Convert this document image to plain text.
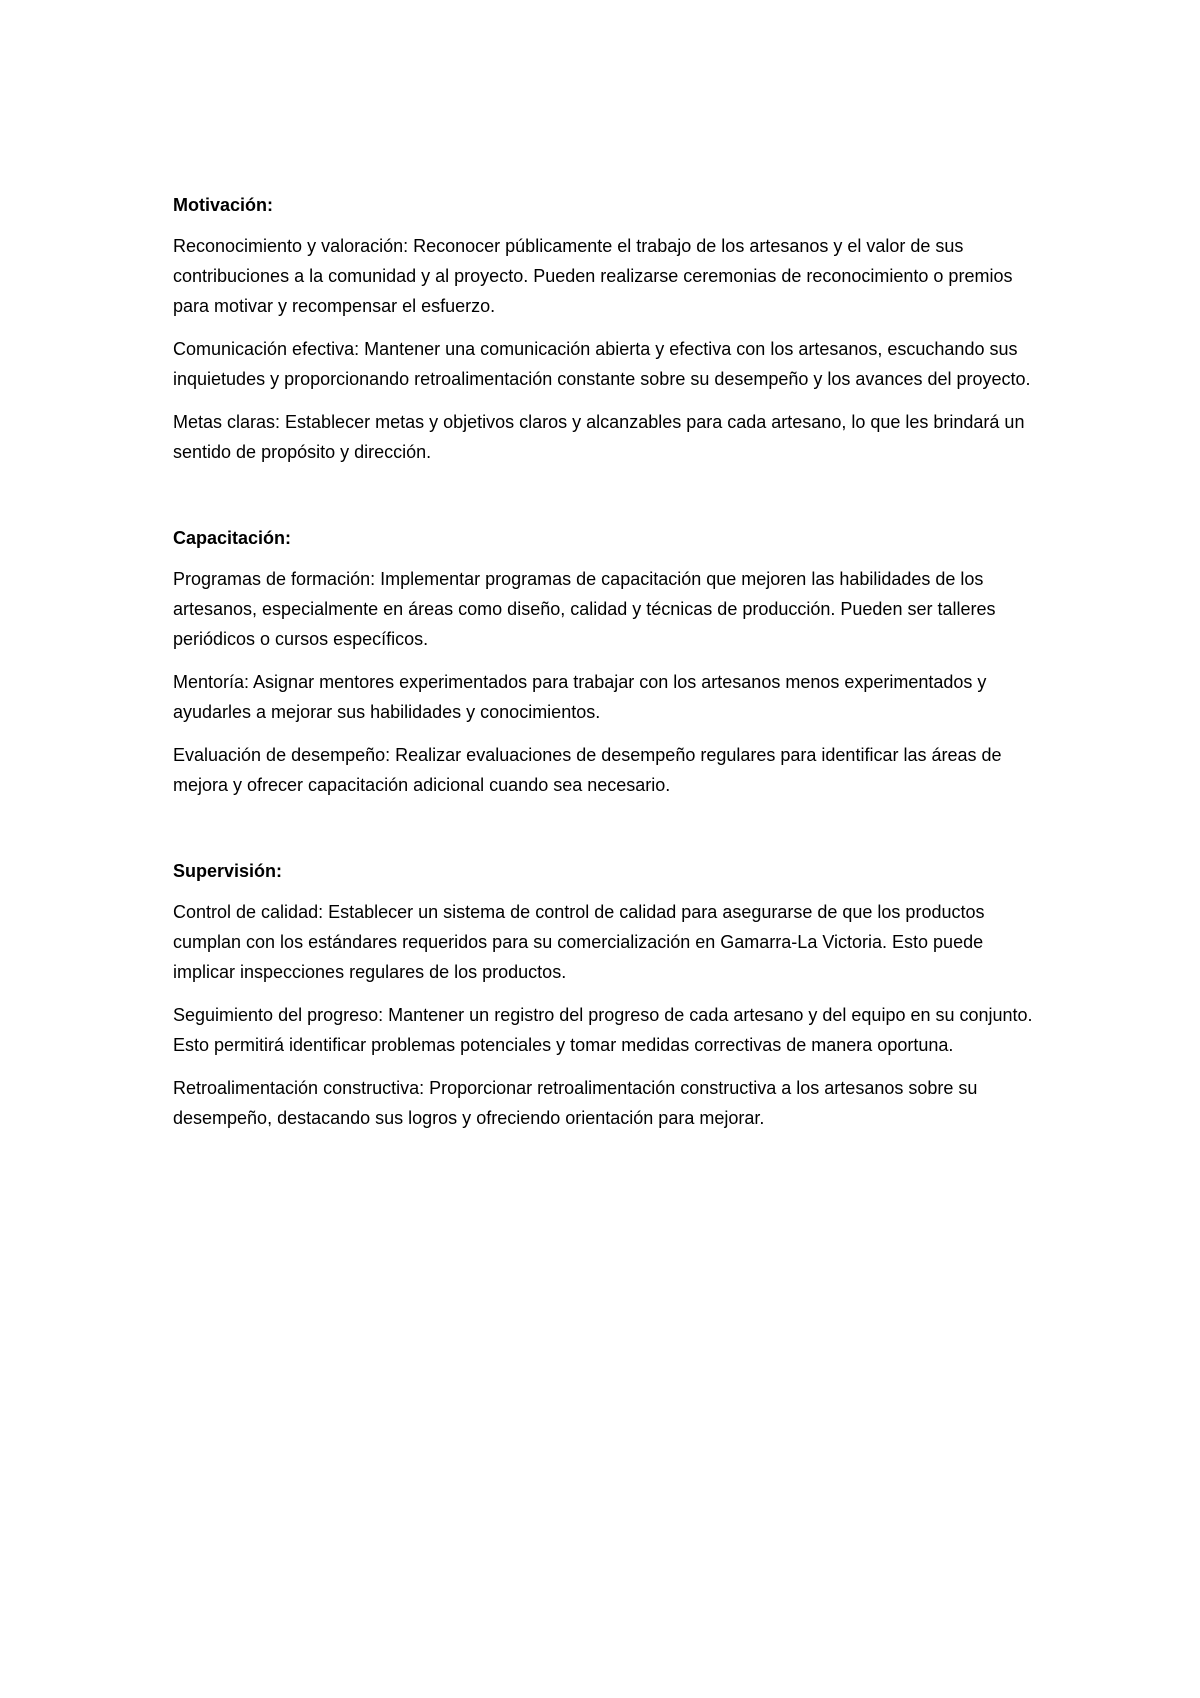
Motivación:

Reconocimiento y valoración: Reconocer públicamente el trabajo de los artesanos y el valor de sus contribuciones a la comunidad y al proyecto. Pueden realizarse ceremonias de reconocimiento o premios para motivar y recompensar el esfuerzo.

Comunicación efectiva: Mantener una comunicación abierta y efectiva con los artesanos, escuchando sus inquietudes y proporcionando retroalimentación constante sobre su desempeño y los avances del proyecto.

Metas claras: Establecer metas y objetivos claros y alcanzables para cada artesano, lo que les brindará un sentido de propósito y dirección.

Capacitación:

Programas de formación: Implementar programas de capacitación que mejoren las habilidades de los artesanos, especialmente en áreas como diseño, calidad y técnicas de producción. Pueden ser talleres periódicos o cursos específicos.

Mentoría: Asignar mentores experimentados para trabajar con los artesanos menos experimentados y ayudarles a mejorar sus habilidades y conocimientos.

Evaluación de desempeño: Realizar evaluaciones de desempeño regulares para identificar las áreas de mejora y ofrecer capacitación adicional cuando sea necesario.

Supervisión:

Control de calidad: Establecer un sistema de control de calidad para asegurarse de que los productos cumplan con los estándares requeridos para su comercialización en Gamarra-La Victoria. Esto puede implicar inspecciones regulares de los productos.

Seguimiento del progreso: Mantener un registro del progreso de cada artesano y del equipo en su conjunto. Esto permitirá identificar problemas potenciales y tomar medidas correctivas de manera oportuna.

Retroalimentación constructiva: Proporcionar retroalimentación constructiva a los artesanos sobre su desempeño, destacando sus logros y ofreciendo orientación para mejorar.
